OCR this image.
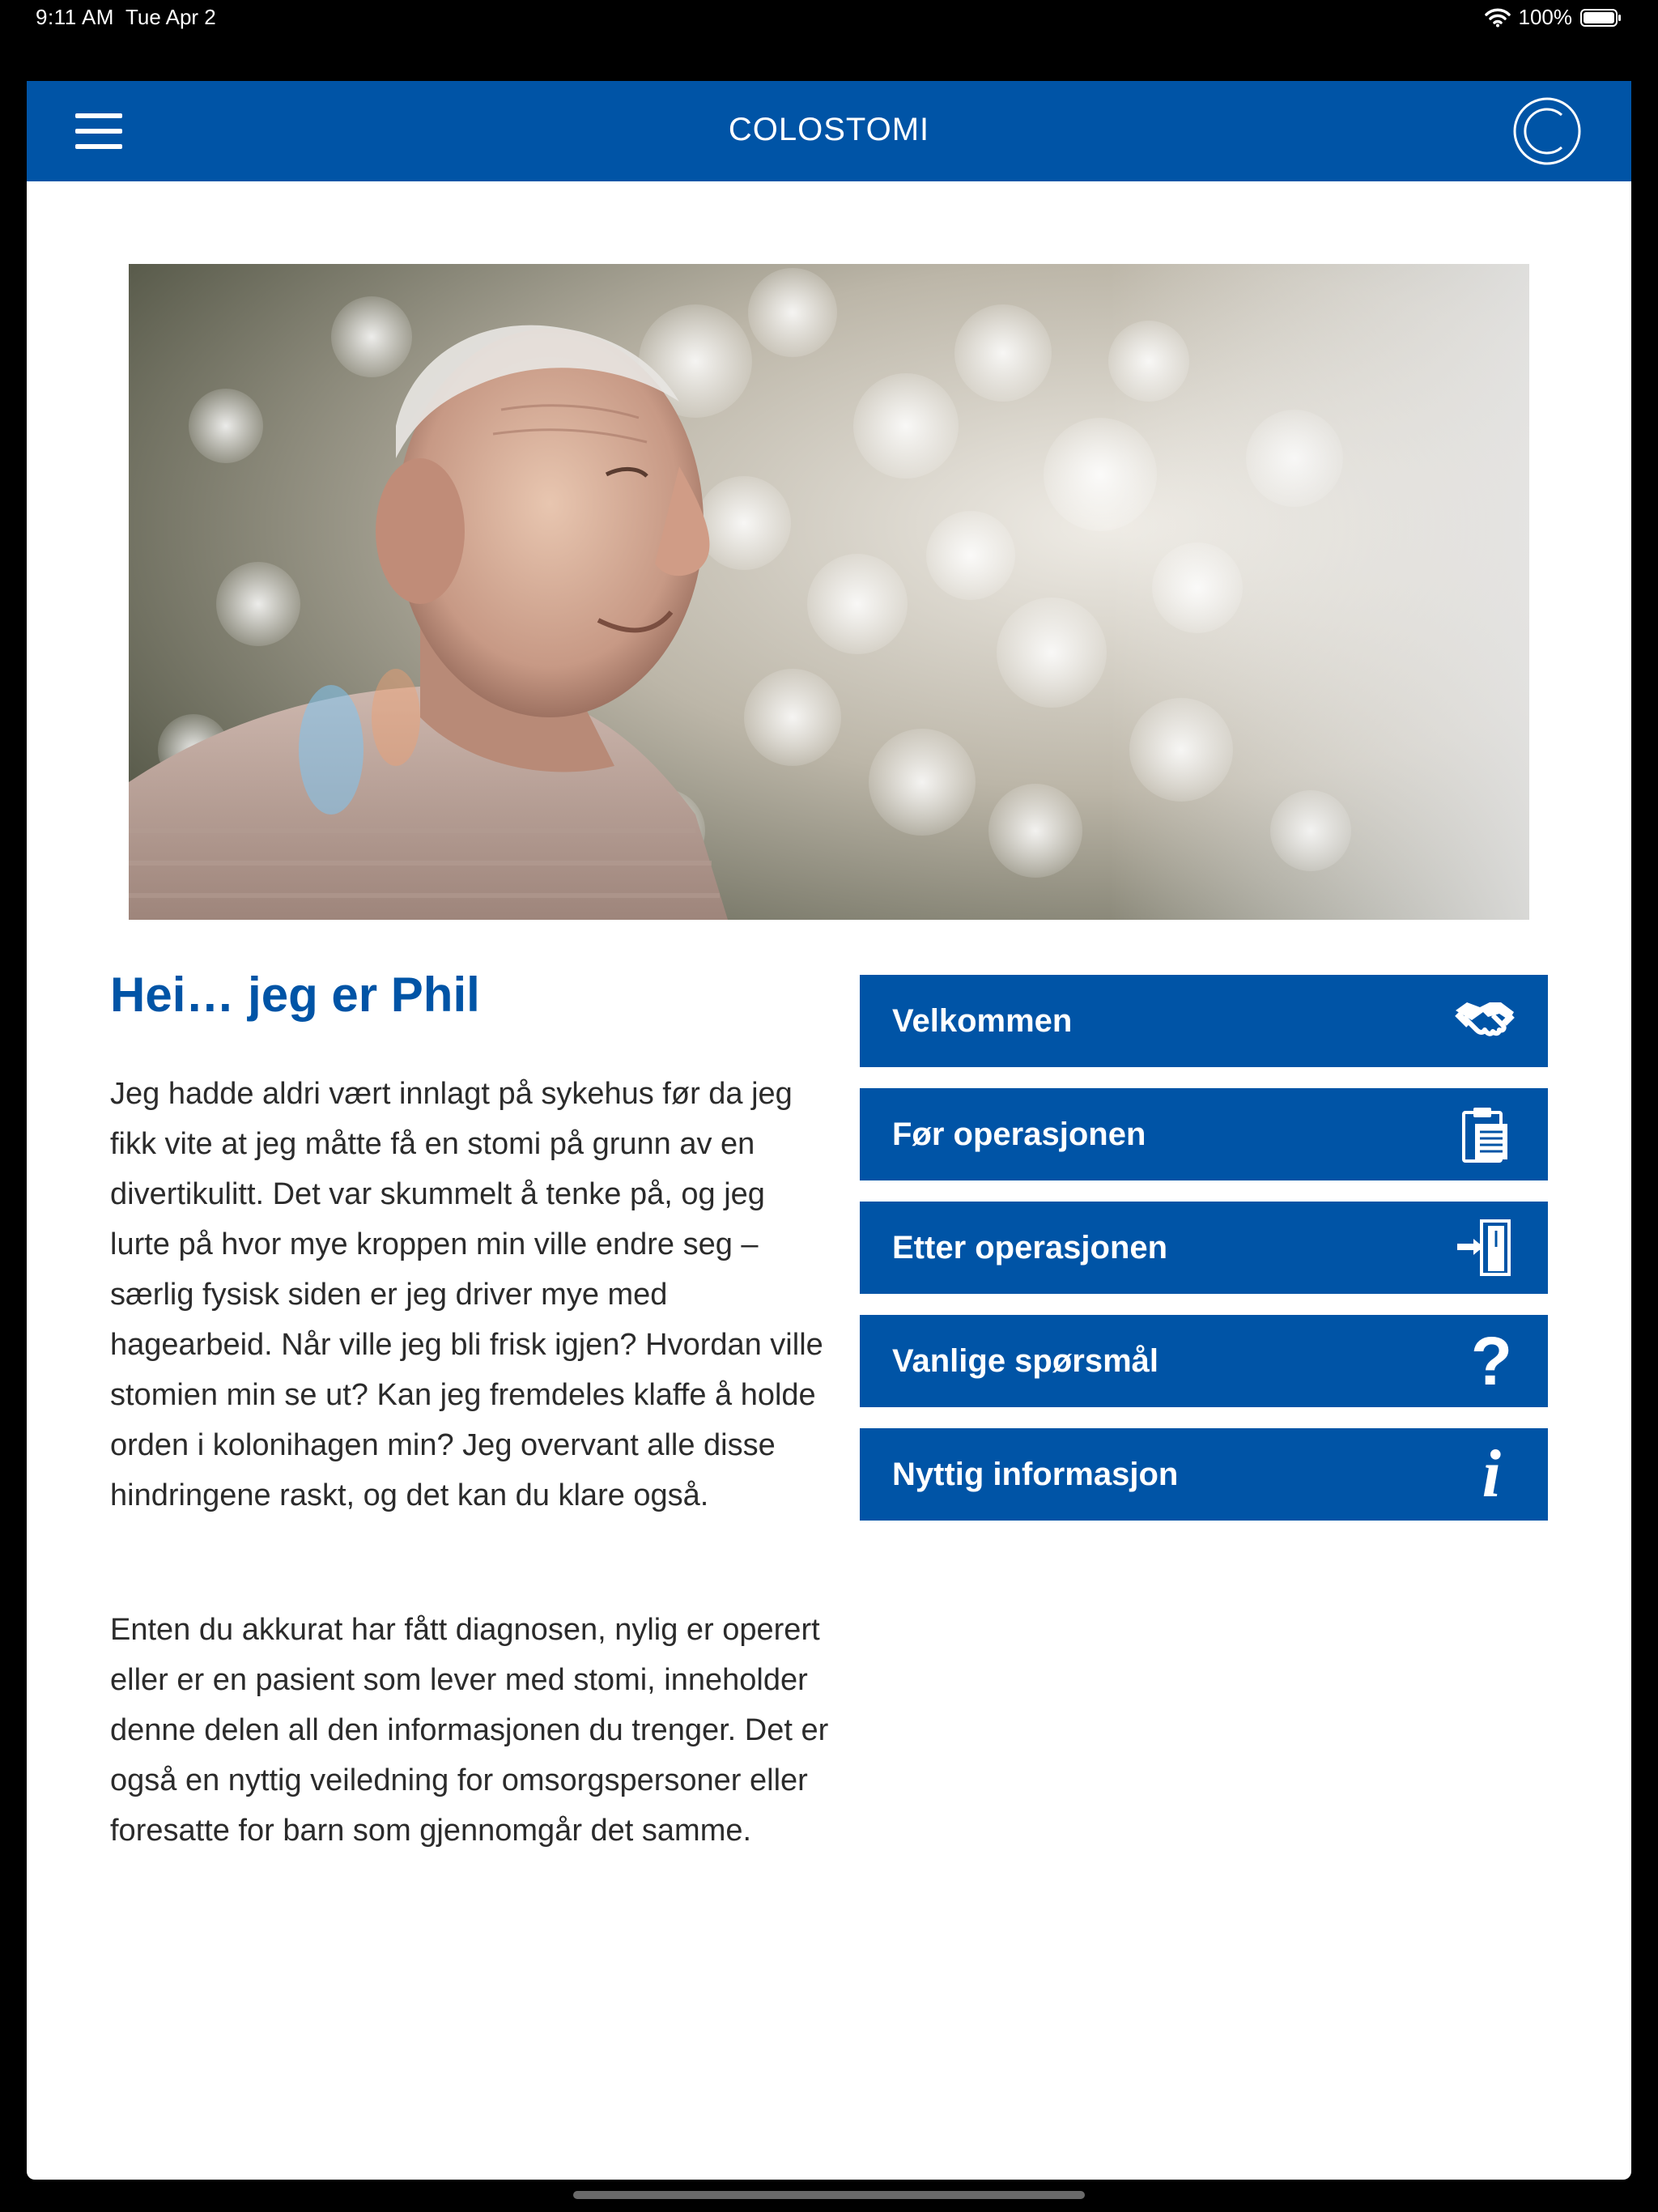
9:11 AM Tue Apr 2	100%
COLOSTOMI
Hei… jeg er Phil

Jeg hadde aldri vært innlagt på sykehus før da jeg fikk vite at jeg måtte få en stomi på grunn av en divertikulitt. Det var skummelt å tenke på, og jeg lurte på hvor mye kroppen min ville endre seg – særlig fysisk siden er jeg driver mye med hagearbeid. Når ville jeg bli frisk igjen? Hvordan ville stomien min se ut? Kan jeg fremdeles klaffe å holde orden i kolonihagen min? Jeg overvant alle disse hindringene raskt, og det kan du klare også.

Enten du akkurat har fått diagnosen, nylig er operert eller er en pasient som lever med stomi, inneholder denne delen all den informasjonen du trenger. Det er også en nyttig veiledning for omsorgspersoner eller foresatte for barn som gjennomgår det samme.

Velkommen
Før operasjonen
Etter operasjonen
Vanlige spørsmål	?
Nyttig informasjon	i
